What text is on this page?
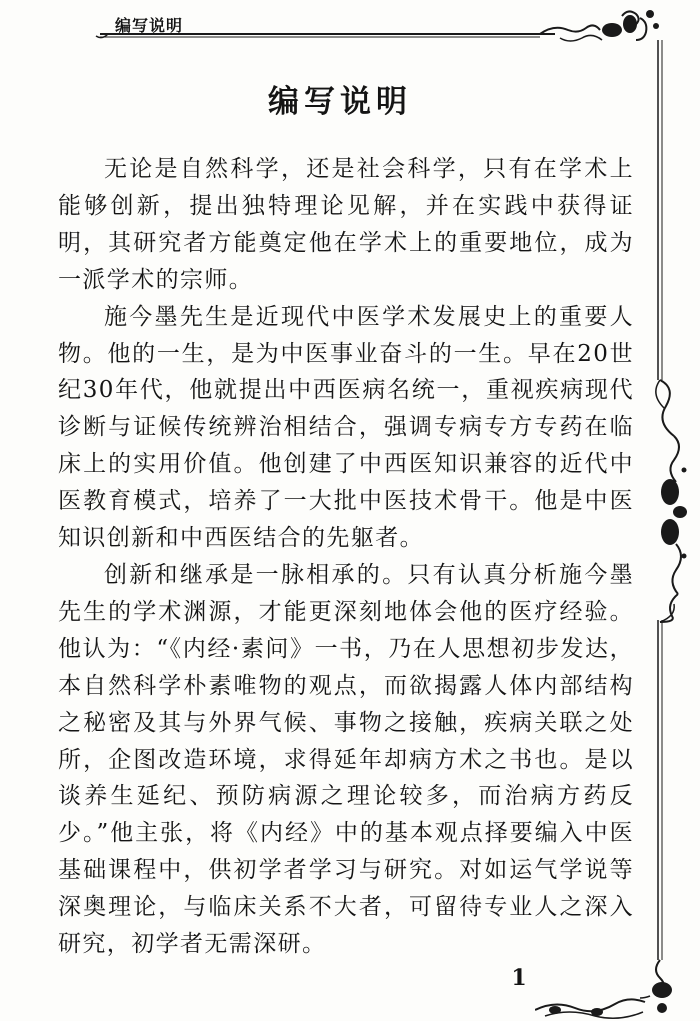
编写说明
编写说明

无论是自然科学，还是社会科学，只有在学术上能够创新，提出独特理论见解，并在实践中获得证明，其研究者方能奠定他在学术上的重要地位，成为一派学术的宗师。

施今墨先生是近现代中医学术发展史上的重要人物。他的一生，是为中医事业奋斗的一生。早在20世纪30年代，他就提出中西医病名统一，重视疾病现代诊断与证候传统辨治相结合，强调专病专方专药在临床上的实用价值。他创建了中西医知识兼容的近代中医教育模式，培养了一大批中医技术骨干。他是中医知识创新和中西医结合的先躯者。

创新和继承是一脉相承的。只有认真分析施今墨先生的学术渊源，才能更深刻地体会他的医疗经验。他认为：“《内经·素问》一书，乃在人思想初步发达，本自然科学朴素唯物的观点，而欲揭露人体内部结构之秘密及其与外界气候、事物之接触，疾病关联之处所，企图改造环境，求得延年却病方术之书也。是以谈养生延纪、预防病源之理论较多，而治病方药反少。”他主张，将《内经》中的基本观点择要编入中医基础课程中，供初学者学习与研究。对如运气学说等深奥理论，与临床关系不大者，可留待专业人之深入研究，初学者无需深研。

1
